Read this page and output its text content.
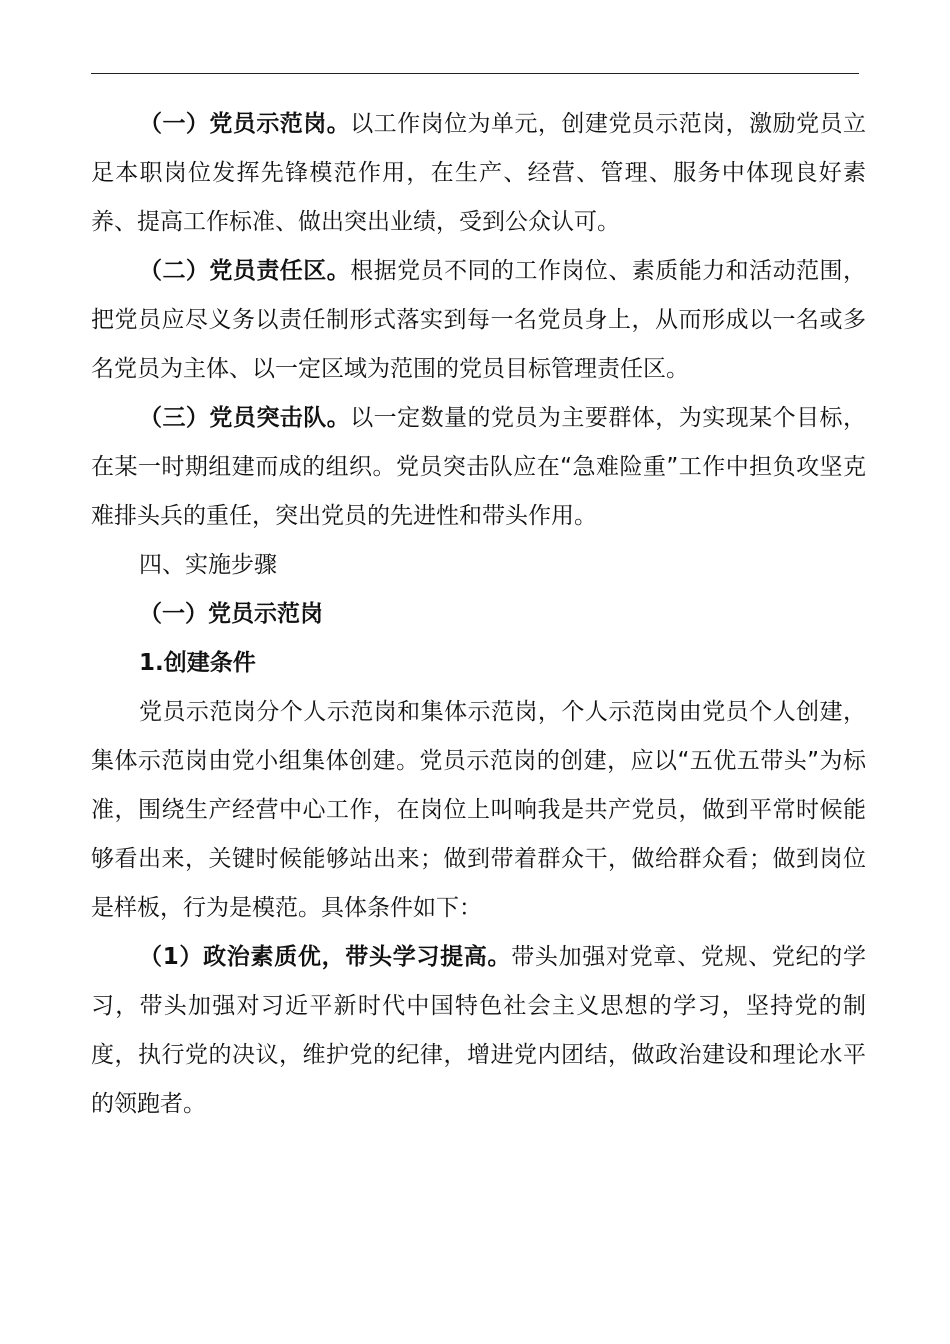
（一）党员示范岗。以工作岗位为单元，创建党员示范岗，激励党员立足本职岗位发挥先锋模范作用，在生产、经营、管理、服务中体现良好素养、提高工作标准、做出突出业绩，受到公众认可。

（二）党员责任区。根据党员不同的工作岗位、素质能力和活动范围，把党员应尽义务以责任制形式落实到每一名党员身上，从而形成以一名或多名党员为主体、以一定区域为范围的党员目标管理责任区。

（三）党员突击队。以一定数量的党员为主要群体，为实现某个目标，在某一时期组建而成的组织。党员突击队应在“急难险重”工作中担负攻坚克难排头兵的重任，突出党员的先进性和带头作用。

四、实施步骤

（一）党员示范岗

1.创建条件

党员示范岗分个人示范岗和集体示范岗，个人示范岗由党员个人创建，集体示范岗由党小组集体创建。党员示范岗的创建，应以“五优五带头”为标准，围绕生产经营中心工作，在岗位上叫响我是共产党员，做到平常时候能够看出来，关键时候能够站出来；做到带着群众干，做给群众看；做到岗位是样板，行为是模范。具体条件如下：

（1）政治素质优，带头学习提高。带头加强对党章、党规、党纪的学习，带头加强对习近平新时代中国特色社会主义思想的学习，坚持党的制度，执行党的决议，维护党的纪律，增进党内团结，做政治建设和理论水平的领跑者。
